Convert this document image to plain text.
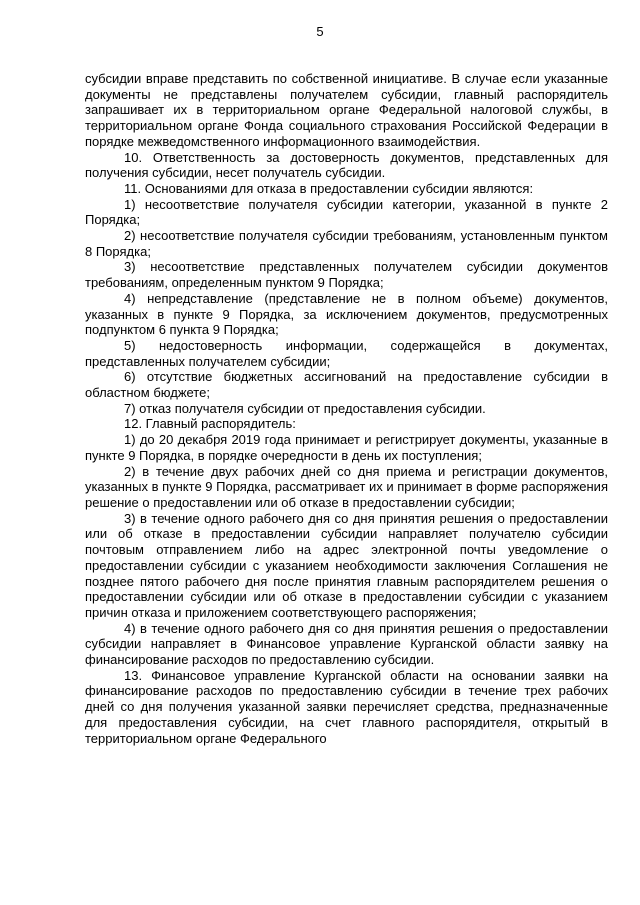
5

субсидии вправе представить по собственной инициативе. В случае если указанные документы не представлены получателем субсидии, главный распорядитель запрашивает их в территориальном органе Федеральной налоговой службы, в территориальном органе Фонда социального страхования Российской Федерации в порядке межведомственного информационного взаимодействия.

10. Ответственность за достоверность документов, представленных для получения субсидии, несет получатель субсидии.

11. Основаниями для отказа в предоставлении субсидии являются:

1) несоответствие получателя субсидии категории, указанной в пункте 2 Порядка;

2) несоответствие получателя субсидии требованиям, установленным пунктом 8 Порядка;

3) несоответствие представленных получателем субсидии документов требованиям, определенным пунктом 9 Порядка;

4) непредставление (представление не в полном объеме) документов, указанных в пункте 9 Порядка, за исключением документов, предусмотренных подпунктом 6 пункта 9 Порядка;

5) недостоверность информации, содержащейся в документах, представленных получателем субсидии;

6) отсутствие бюджетных ассигнований на предоставление субсидии в областном бюджете;

7) отказ получателя субсидии от предоставления субсидии.

12. Главный распорядитель:

1) до 20 декабря 2019 года принимает и регистрирует документы, указанные в пункте 9 Порядка, в порядке очередности в день их поступления;

2) в течение двух рабочих дней со дня приема и регистрации документов, указанных в пункте 9 Порядка, рассматривает их и принимает в форме распоряжения решение о предоставлении или об отказе в предоставлении субсидии;

3) в течение одного рабочего дня со дня принятия решения о предоставлении или об отказе в предоставлении субсидии направляет получателю субсидии почтовым отправлением либо на адрес электронной почты уведомление о предоставлении субсидии с указанием необходимости заключения Соглашения не позднее пятого рабочего дня после принятия главным распорядителем решения о предоставлении субсидии или об отказе в предоставлении субсидии с указанием причин отказа и приложением соответствующего распоряжения;

4) в течение одного рабочего дня со дня принятия решения о предоставлении субсидии направляет в Финансовое управление Курганской области заявку на финансирование расходов по предоставлению субсидии.

13. Финансовое управление Курганской области на основании заявки на финансирование расходов по предоставлению субсидии в течение трех рабочих дней со дня получения указанной заявки перечисляет средства, предназначенные для предоставления субсидии, на счет главного распорядителя, открытый в территориальном органе Федерального
